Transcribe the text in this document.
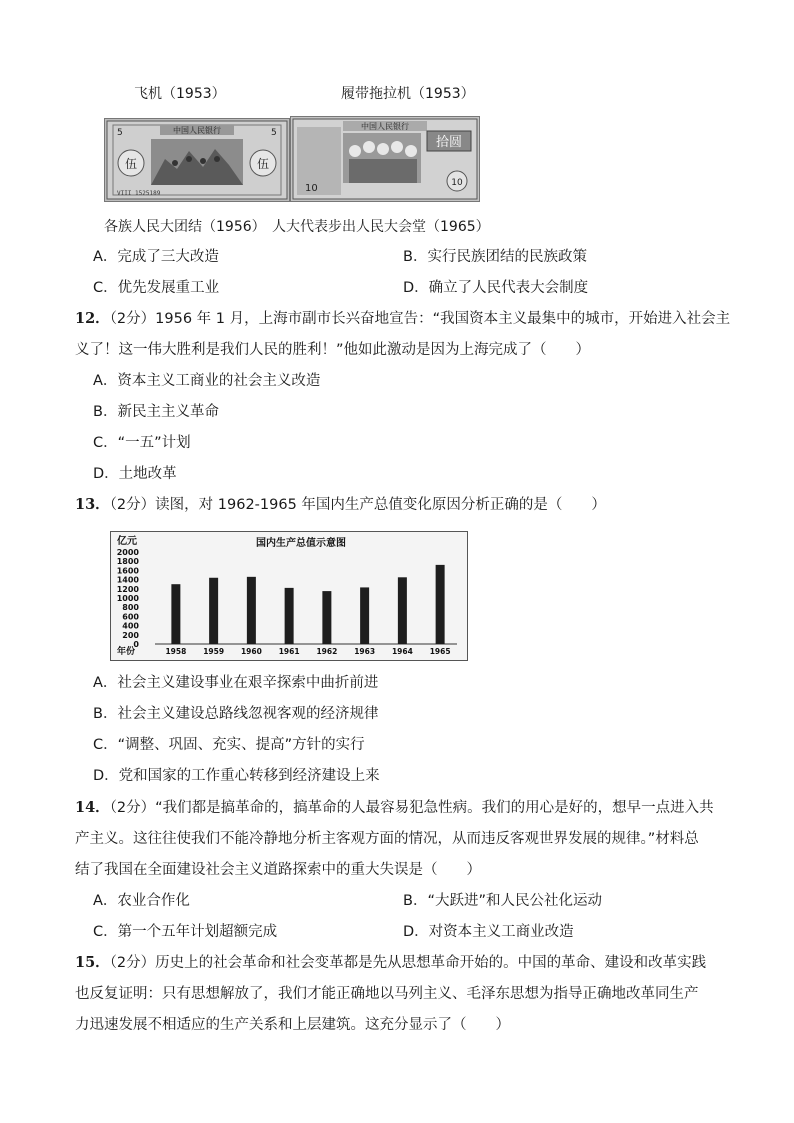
飞机（1953）	履带拖拉机（1953）
中国人民银行
5	5
伍	伍
VIII 1525189
中国人民银行
拾圆
10	10
各族人民大团结（1956） 人大代表步出人民大会堂（1965）
A．完成了三大改造	B．实行民族团结的民族政策
C．优先发展重工业	D．确立了人民代表大会制度
12．（2分）1956 年 1 月，上海市副市长兴奋地宣告：“我国资本主义最集中的城市，开始进入社会主
义了！这一伟大胜利是我们人民的胜利！”他如此激动是因为上海完成了（　　）
A．资本主义工商业的社会主义改造
B．新民主主义革命
C．“一五”计划
D．土地改革
13．（2分）读图，对 1962-1965 年国内生产总值变化原因分析正确的是（　　）
亿元	国内生产总值示意图
2000
1800
1600
1400
1200
1000
800
600
400
200
0
1958 1959 1960 1961 1962 1963 1964 1965
年份
A．社会主义建设事业在艰辛探索中曲折前进
B．社会主义建设总路线忽视客观的经济规律
C．“调整、巩固、充实、提高”方针的实行
D．党和国家的工作重心转移到经济建设上来
14．（2分）“我们都是搞革命的，搞革命的人最容易犯急性病。我们的用心是好的，想早一点进入共
产主义。这往往使我们不能冷静地分析主客观方面的情况，从而违反客观世界发展的规律。”材料总
结了我国在全面建设社会主义道路探索中的重大失误是（　　）
A．农业合作化	B．“大跃进”和人民公社化运动
C．第一个五年计划超额完成	D．对资本主义工商业改造
15．（2分）历史上的社会革命和社会变革都是先从思想革命开始的。中国的革命、建设和改革实践
也反复证明：只有思想解放了，我们才能正确地以马列主义、毛泽东思想为指导正确地改革同生产
力迅速发展不相适应的生产关系和上层建筑。这充分显示了（　　）
